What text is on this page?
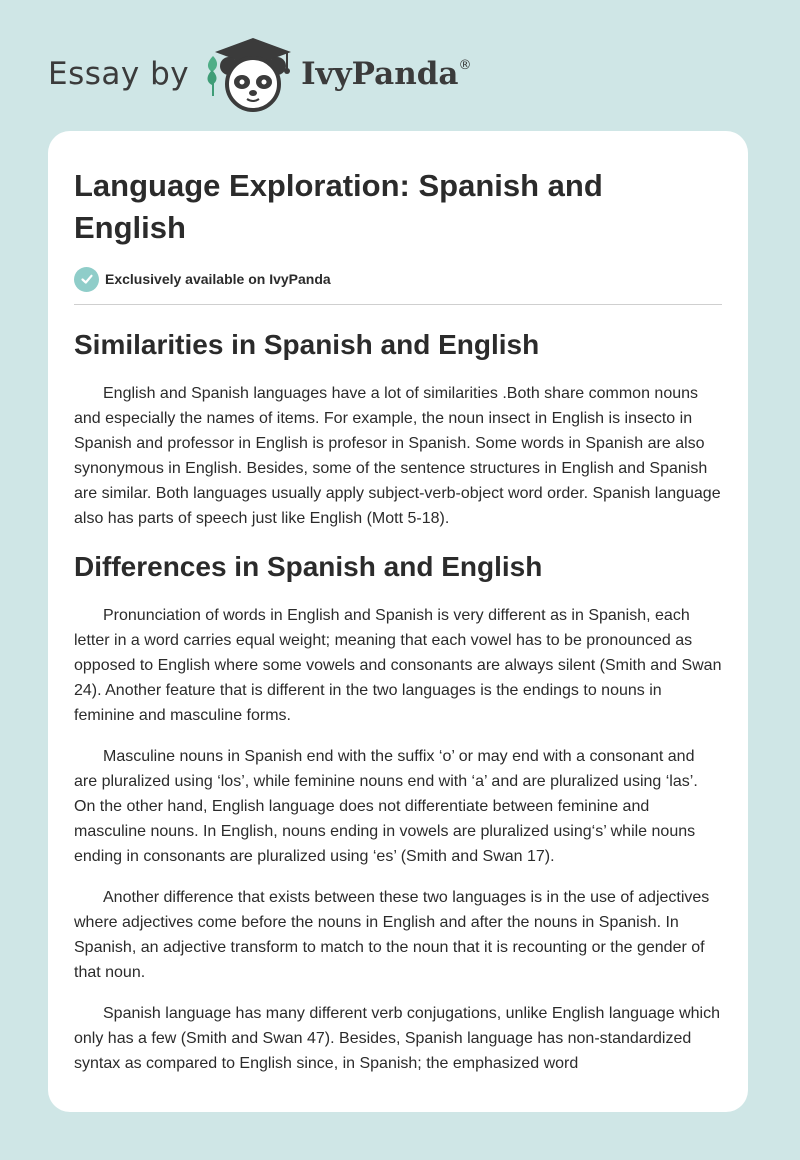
Essay by	IvyPanda®
Language Exploration: Spanish and English
Exclusively available on IvyPanda
Similarities in Spanish and English

English and Spanish languages have a lot of similarities .Both share common nouns and especially the names of items. For example, the noun insect in English is insecto in Spanish and professor in English is profesor in Spanish. Some words in Spanish are also synonymous in English. Besides, some of the sentence structures in English and Spanish are similar. Both languages usually apply subject-verb-object word order. Spanish language also has parts of speech just like English (Mott 5-18).

Differences in Spanish and English

Pronunciation of words in English and Spanish is very different as in Spanish, each letter in a word carries equal weight; meaning that each vowel has to be pronounced as opposed to English where some vowels and consonants are always silent (Smith and Swan 24). Another feature that is different in the two languages is the endings to nouns in feminine and masculine forms.

Masculine nouns in Spanish end with the suffix ‘o’ or may end with a consonant and are pluralized using ‘los’, while feminine nouns end with ‘a’ and are pluralized using ‘las’. On the other hand, English language does not differentiate between feminine and masculine nouns. In English, nouns ending in vowels are pluralized using‘s’ while nouns ending in consonants are pluralized using ‘es’ (Smith and Swan 17).

Another difference that exists between these two languages is in the use of adjectives where adjectives come before the nouns in English and after the nouns in Spanish. In Spanish, an adjective transform to match to the noun that it is recounting or the gender of that noun.

Spanish language has many different verb conjugations, unlike English language which only has a few (Smith and Swan 47). Besides, Spanish language has non-standardized syntax as compared to English since, in Spanish; the emphasized word
